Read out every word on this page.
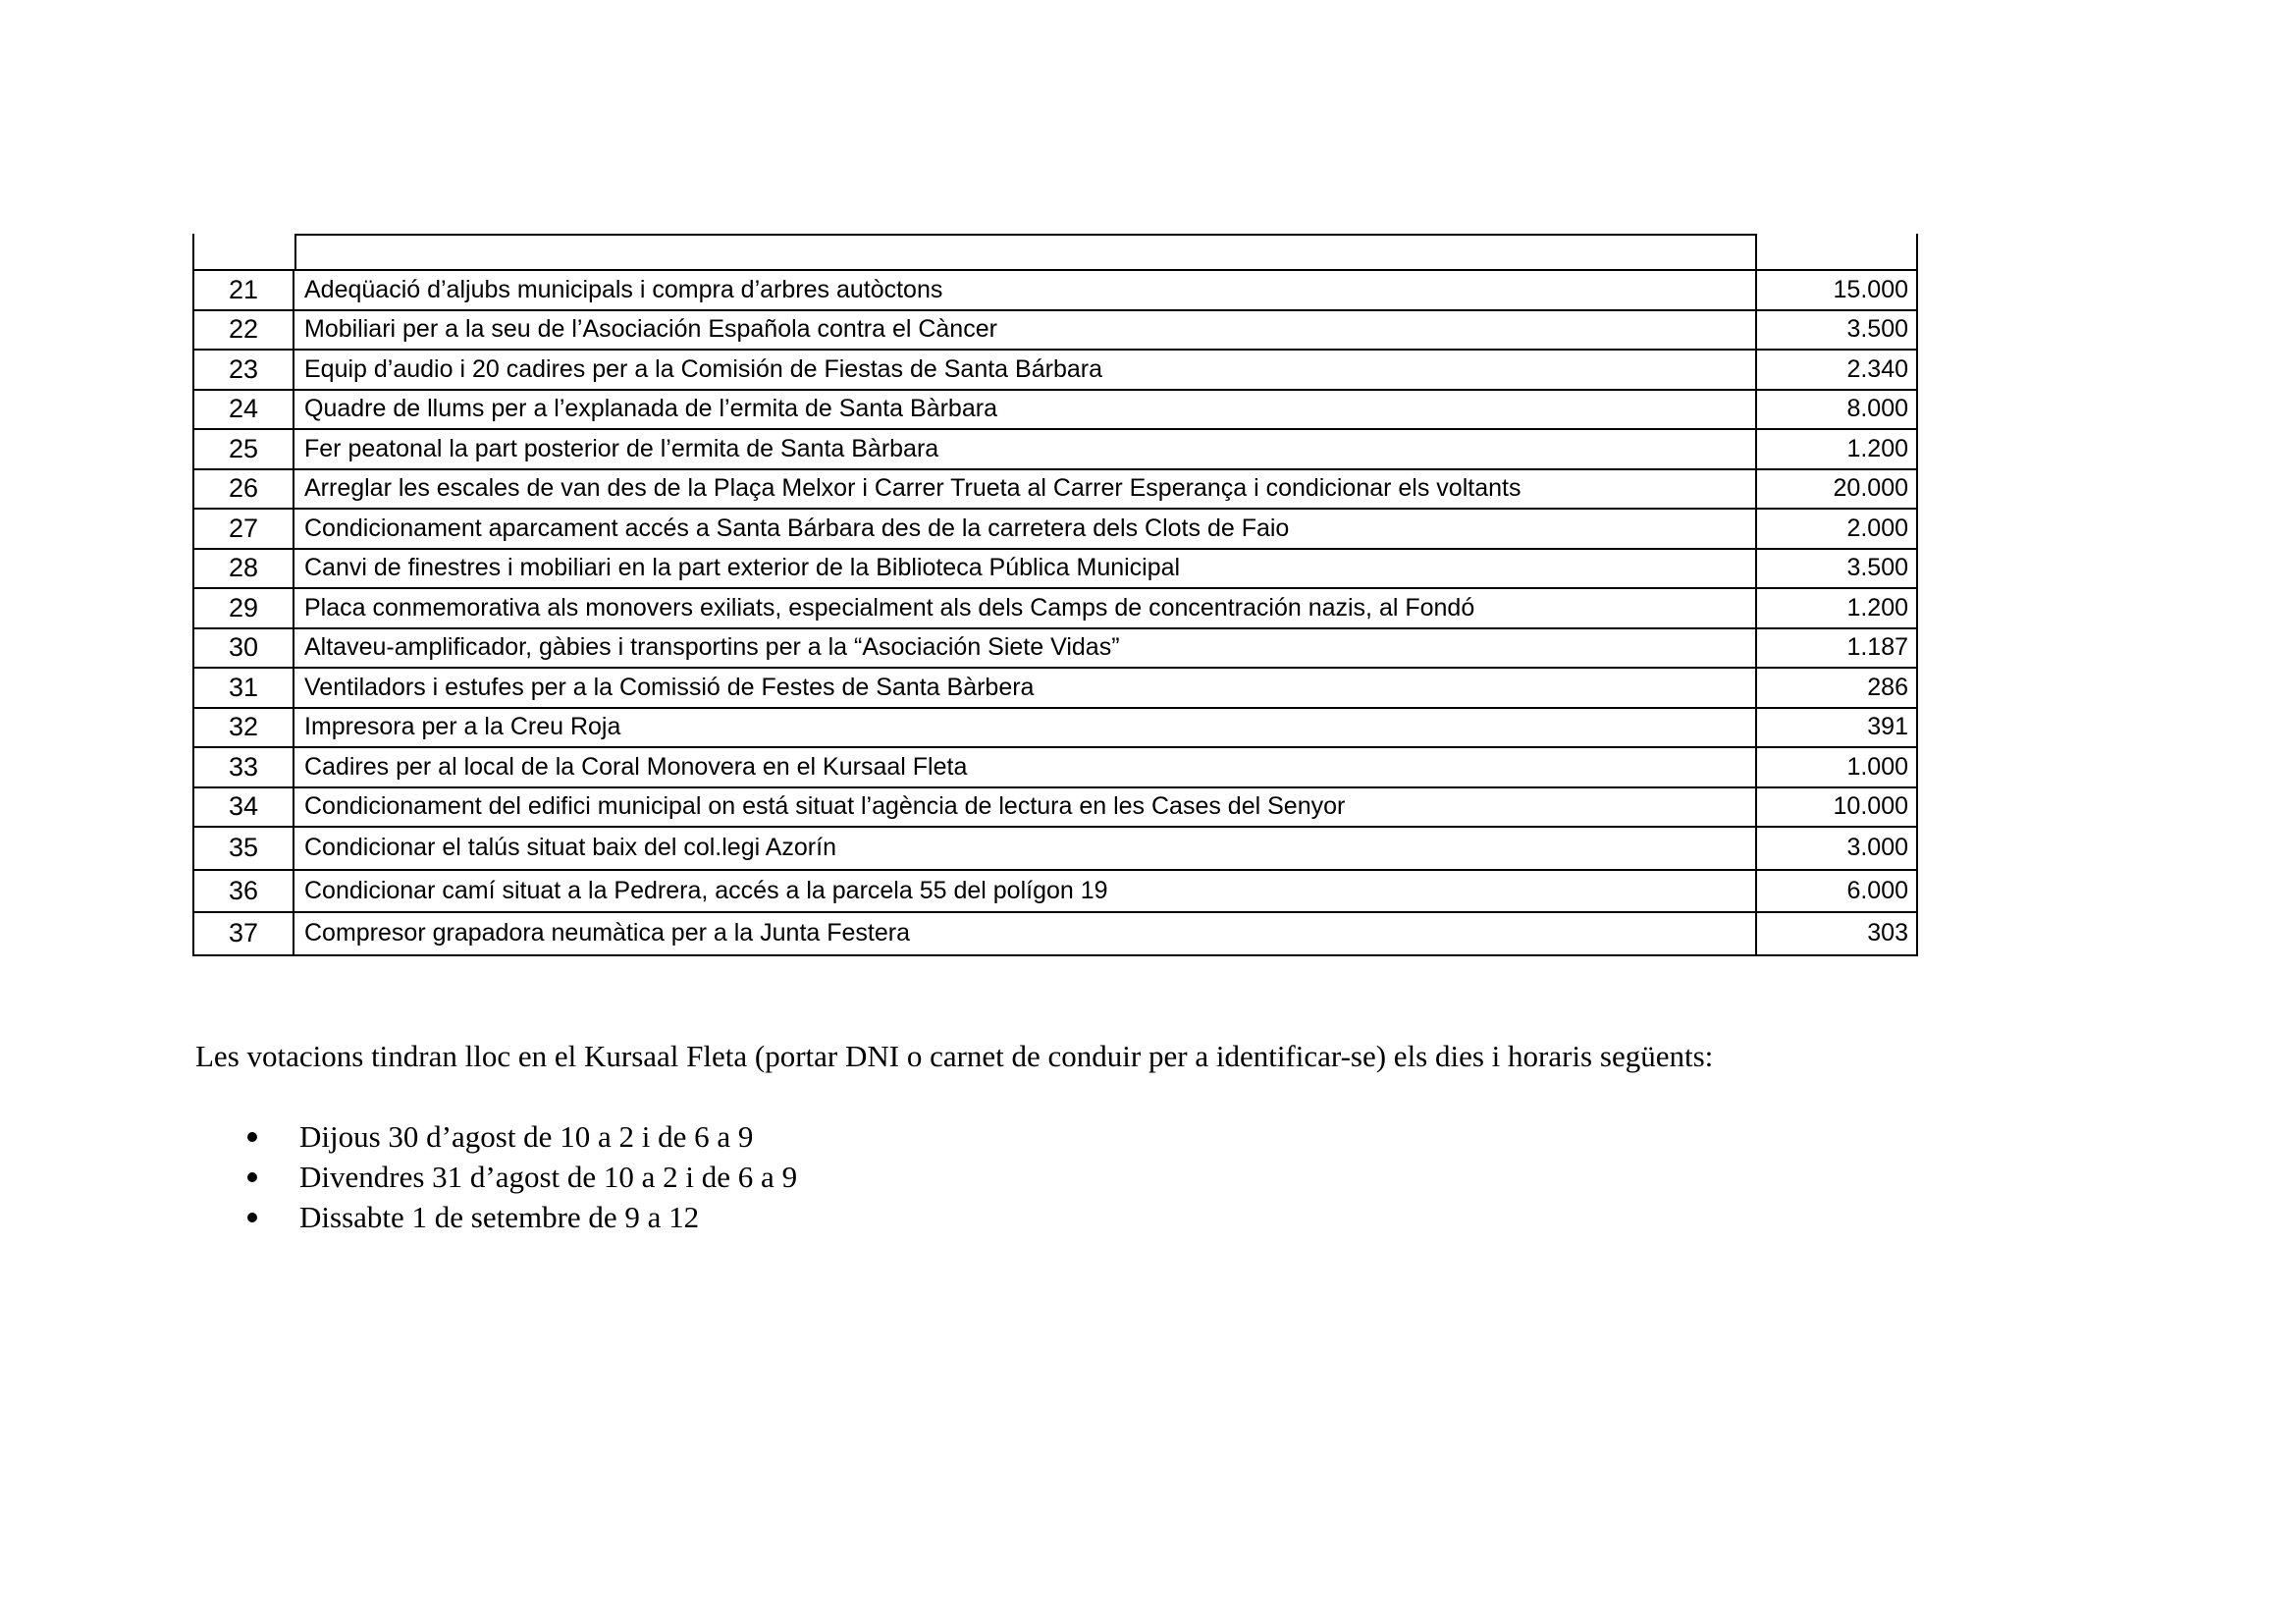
21	Adeqüació d’aljubs municipals i compra d’arbres autòctons	15.000
22	Mobiliari per a la seu de l’Asociación Española contra el Càncer	3.500
23	Equip d’audio i 20 cadires per a la Comisión de Fiestas de Santa Bárbara	2.340
24	Quadre de llums per a l’explanada de l’ermita de Santa Bàrbara	8.000
25	Fer peatonal la part posterior de l’ermita de Santa Bàrbara	1.200
26	Arreglar les escales de van des de la Plaça Melxor i Carrer Trueta al Carrer Esperança i condicionar els voltants	20.000
27	Condicionament aparcament accés a Santa Bárbara des de la carretera dels Clots de Faio	2.000
28	Canvi de finestres i mobiliari en la part exterior de la Biblioteca Pública Municipal	3.500
29	Placa conmemorativa als monovers exiliats, especialment als dels Camps de concentración nazis, al Fondó	1.200
30	Altaveu-amplificador, gàbies i transportins per a la “Asociación Siete Vidas”	1.187
31	Ventiladors i estufes per a la Comissió de Festes de Santa Bàrbera	286
32	Impresora per a la Creu Roja	391
33	Cadires per al local de la Coral Monovera en el Kursaal Fleta	1.000
34	Condicionament del edifici municipal on está situat l’agència de lectura en les Cases del Senyor	10.000
35	Condicionar el talús situat baix del col.legi Azorín	3.000
36	Condicionar camí situat a la Pedrera, accés a la parcela 55 del polígon 19	6.000
37	Compresor grapadora neumàtica per a la Junta Festera	303
Les votacions tindran lloc en el Kursaal Fleta (portar DNI o carnet de conduir per a identificar-se) els dies i horaris següents:
Dijous 30 d’agost de 10 a 2 i de 6 a 9
Divendres 31 d’agost de 10 a 2 i de 6 a 9
Dissabte 1 de setembre de 9 a 12
